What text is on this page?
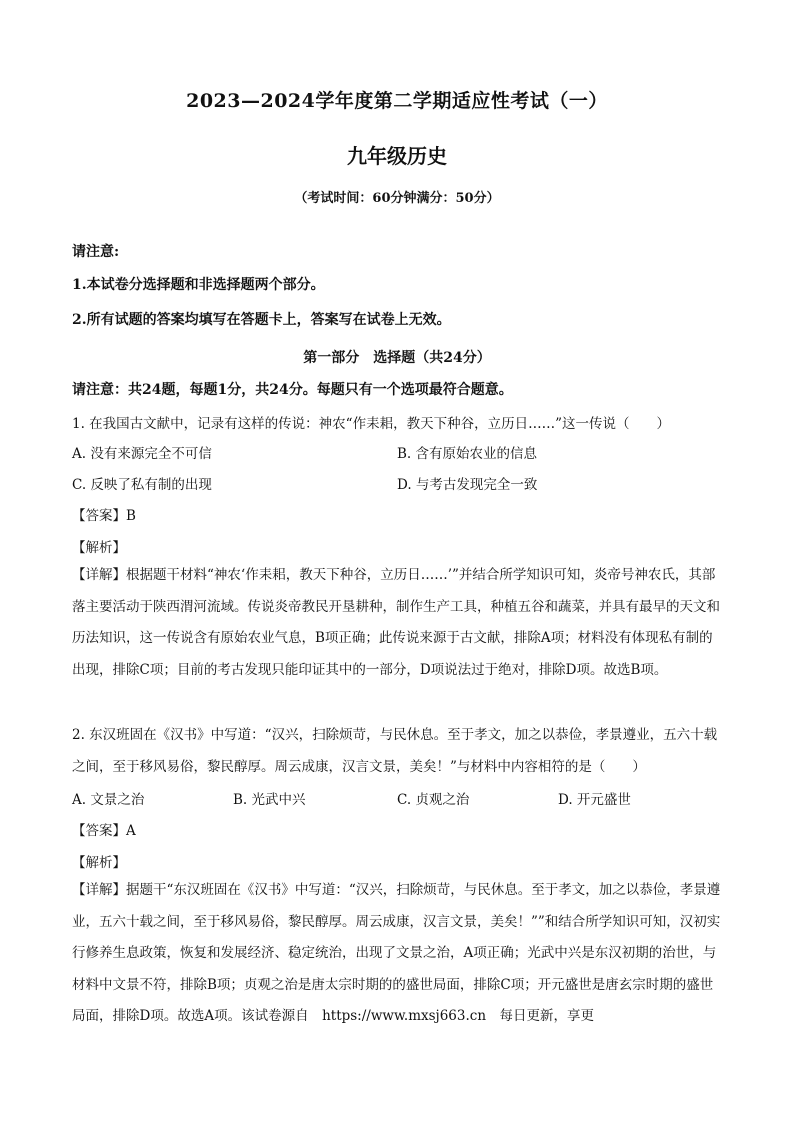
2023—2024学年度第二学期适应性考试（一）
九年级历史
（考试时间：60分钟满分：50分）
请注意:
1.本试卷分选择题和非选择题两个部分。
2.所有试题的答案均填写在答题卡上，答案写在试卷上无效。
第一部分　选择题（共24分）
请注意：共24题，每题1分，共24分。每题只有一个选项最符合题意。
1. 在我国古文献中，记录有这样的传说：神农“作耒耜，教天下种谷，立历日……”这一传说（　　）
A. 没有来源完全不可信	B. 含有原始农业的信息
C. 反映了私有制的出现	D. 与考古发现完全一致
【答案】B
【解析】
【详解】根据题干材料“神农‘作耒耜，教天下种谷，立历日……’”并结合所学知识可知，炎帝号神农氏，其部落主要活动于陕西渭河流域。传说炎帝教民开垦耕种，制作生产工具，种植五谷和蔬菜，并具有最早的天文和历法知识，这一传说含有原始农业气息，B项正确；此传说来源于古文献，排除A项；材料没有体现私有制的出现，排除C项；目前的考古发现只能印证其中的一部分，D项说法过于绝对，排除D项。故选B项。
2. 东汉班固在《汉书》中写道：“汉兴，扫除烦苛，与民休息。至于孝文，加之以恭俭，孝景遵业，五六十载之间，至于移风易俗，黎民醇厚。周云成康，汉言文景，美矣！”与材料中内容相符的是（　　）
A. 文景之治	B. 光武中兴	C. 贞观之治	D. 开元盛世
【答案】A
【解析】
【详解】据题干“东汉班固在《汉书》中写道：“汉兴，扫除烦苛，与民休息。至于孝文，加之以恭俭，孝景遵业，五六十载之间，至于移风易俗，黎民醇厚。周云成康，汉言文景，美矣！””和结合所学知识可知，汉初实行修养生息政策，恢复和发展经济、稳定统治，出现了文景之治，A项正确；光武中兴是东汉初期的治世，与材料中文景不符，排除B项；贞观之治是唐太宗时期的的盛世局面，排除C项；开元盛世是唐玄宗时期的盛世局面，排除D项。故选A项。该试卷源自　https://www.mxsj663.cn　每日更新，享更
